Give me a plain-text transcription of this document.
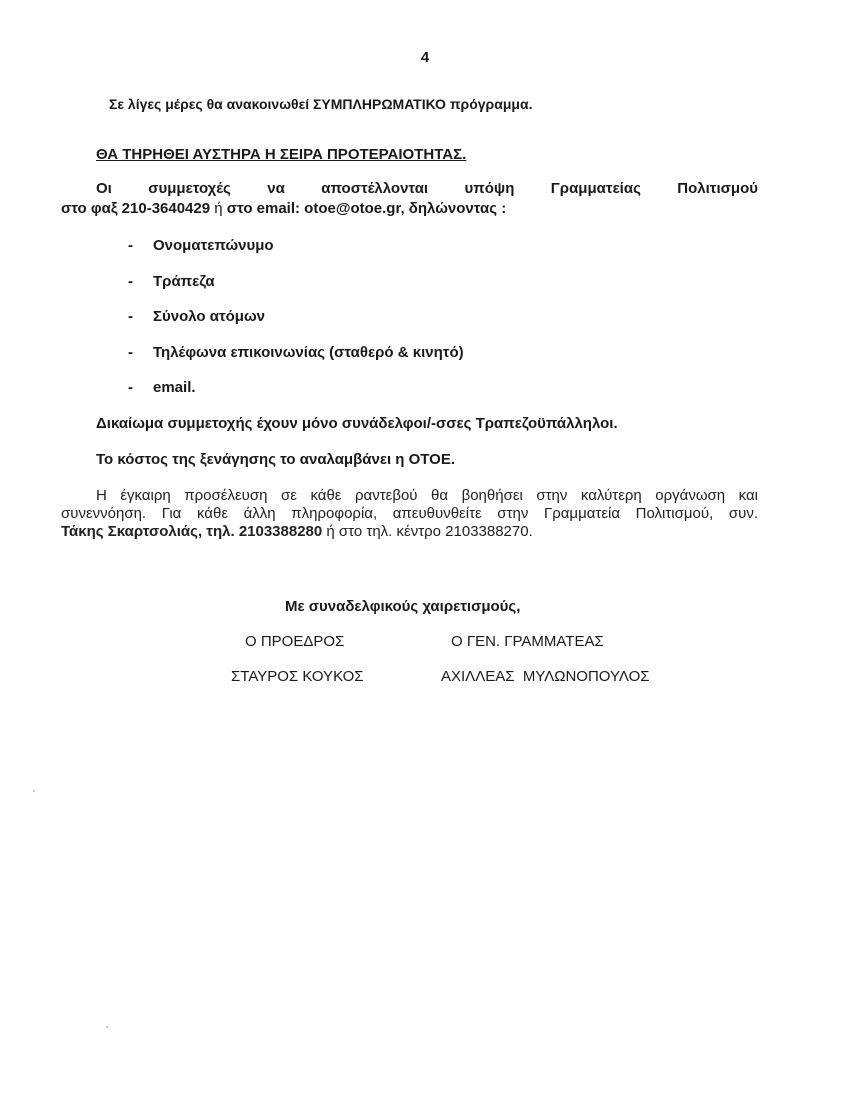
4
Σε λίγες μέρες θα ανακοινωθεί ΣΥΜΠΛΗΡΩΜΑΤΙΚΟ πρόγραμμα.
ΘΑ ΤΗΡΗΘΕΙ ΑΥΣΤΗΡΑ Η ΣΕΙΡΑ ΠΡΟΤΕΡΑΙΟΤΗΤΑΣ.
Οι συμμετοχές να αποστέλλονται υπόψη Γραμματείας Πολιτισμού
στο φαξ 210-3640429 ή στο email: otoe@otoe.gr, δηλώνοντας :
- Ονοματεπώνυμο
- Τράπεζα
- Σύνολο ατόμων
- Τηλέφωνα επικοινωνίας (σταθερό & κινητό)
- email.
Δικαίωμα συμμετοχής έχουν μόνο συνάδελφοι/-σσες Τραπεζοϋπάλληλοι.
Το κόστος της ξενάγησης το αναλαμβάνει η ΟΤΟΕ.
Η έγκαιρη προσέλευση σε κάθε ραντεβού θα βοηθήσει στην καλύτερη οργάνωση και
συνεννόηση. Για κάθε άλλη πληροφορία, απευθυνθείτε στην Γραμματεία Πολιτισμού, συν.
Τάκης Σκαρτσολιάς, τηλ. 2103388280 ή στο τηλ. κέντρο 2103388270.
Με συναδελφικούς χαιρετισμούς,
Ο ΠΡΟΕΔΡΟΣ	Ο ΓΕΝ. ΓΡΑΜΜΑΤΕΑΣ
ΣΤΑΥΡΟΣ ΚΟΥΚΟΣ	ΑΧΙΛΛΕΑΣ  ΜΥΛΩΝΟΠΟΥΛΟΣ
